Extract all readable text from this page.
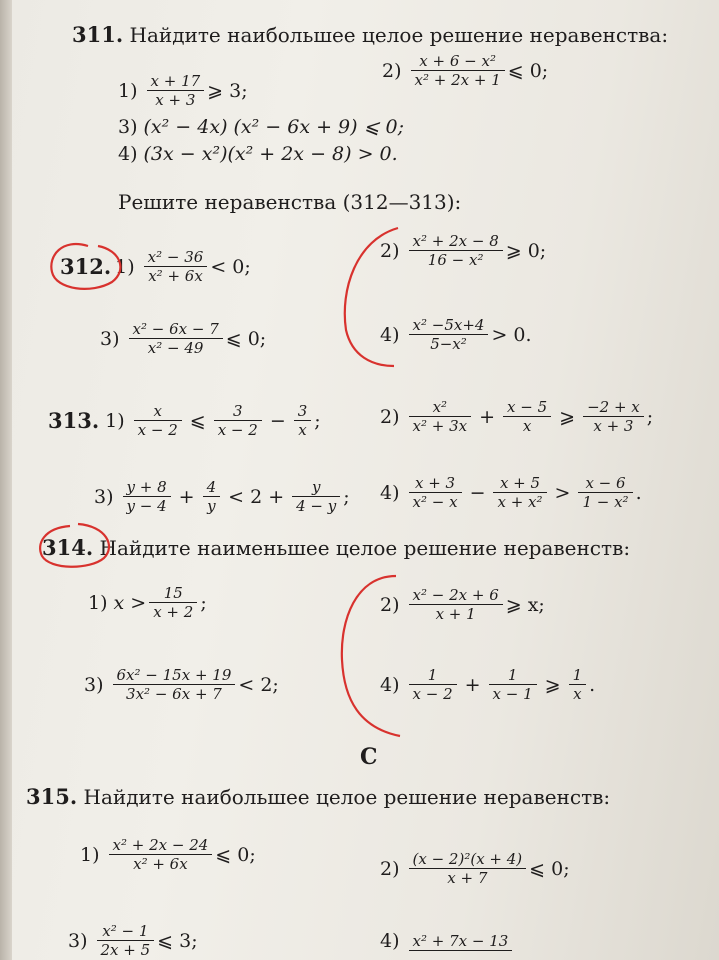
311. Найдите наибольшее целое решение неравенства:
$1) \frac{x + 17}{x + 3}$ ⩾ 3;
$2) \frac{\text{x + 6 − x²}}{\text{x² + 2x + 1}}$ ⩽ 0;
3) (x² − 4x) (x² − 6x + 9) ⩽ 0;
4) (3x − x²)(x² + 2x − 8) > 0.
Решите неравенства (312—313):
312. $1) \frac{\text{x² − 36}}{\text{x² + 6x}} < 0$;
$2) \frac{\text{x² + 2x − 8}}{\text{16 − x²}}$ ⩾ 0;
$3) \frac{\text{x² − 6x − 7}}{\text{x² − 49}}$ ⩽ 0;	$4) \frac{\text{x² −5x+4}}{\text{5−x²}} > 0$.
313. $1) \frac{x}{x - 2}$ ⩽ $\frac{3}{x - 2} - \frac{3}{x}$ ;	$2) \frac{\text{x²}}{\text{x² + 3x}} + \frac{x - 5}{x}$ ⩾ $\frac{-2 + x}{x + 3}$ ;
$3) \frac{y + 8}{y - 4} + \frac{4}{y} < 2 + \frac{y}{4 - y}$ ; $4) \frac{x + 3}{\text{x² − x}} - \frac{x + 5}{\text{x + x²}} > \frac{x - 6}{\text{1 − x²}}$ .
314. Найдите наименьшее целое решение неравенств:
1) $x > \frac{15}{x + 2}$ ;	$2) \frac{\text{x² − 2x + 6}}{x + 1}$ ⩾ x;
$3) \frac{\text{6x² − 15x + 19}}{\text{3x² − 6x + 7}} < 2$;	$4) \frac{1}{x - 2} + \frac{1}{x - 1}$ ⩾ $\frac{1}{x}$ .
С
315. Найдите наибольшее целое решение неравенств:
$1) \frac{\text{x² + 2x − 24}}{\text{x² + 6x}}$ ⩽ 0;
$2) \frac{\text{(x − 2)²(x + 4)}}{x + 7}$ ⩽ 0;
$3) \frac{\text{x² − 1}}{2x + 5}$ ⩽ 3;	4) x² + 7x − 13
